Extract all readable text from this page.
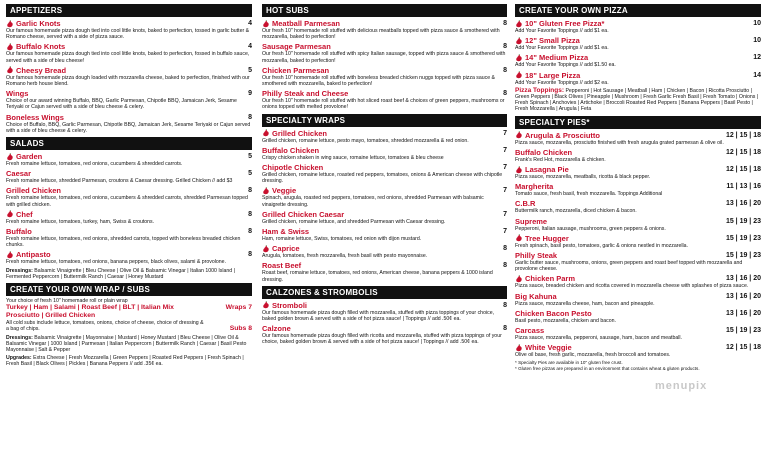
APPETIZERS
Garlic Knots	4
Our famous homemade pizza dough tied into cool little knots, baked to perfection, tossed in garlic butter & Romano cheese, served with a side of pizza sauce.
Buffalo Knots	4
Our famous homemade pizza dough tied into cool little knots, baked to perfection, fossed in buffalo sauce, served with a side of bleu cheese!
Cheesy Bread	5
Our famous homemade pizza dough loaded with mozzarella cheese, baked to perfection, finished with our Romano herb house blend.
Wings	9
Choice of our award winning Buffalo, BBQ, Garlic Parmesan, Chipotle BBQ, Jamaican Jerk, Sesame Teriyaki or Cajun served with a side of bleu cheese & celery.
Boneless Wings	8
Choice of Buffalo, BBQ, Garlic Parmesan, Chipotle BBQ, Jamaican Jerk, Sesame Teriyaki or Cajun served with a side of bleu cheese & celery.
SALADS
Garden	5
Fresh romaine lettuce, tomatoes, red onions, cucumbers & shredded carrots.
Caesar	5
Fresh romaine lettuce, shredded Parmesan, croutons & Caesar dressing. Grilled Chicken // add $3
Grilled Chicken	8
Fresh romaine lettuce, tomatoes, red onions, cucumbers & shredded carrots, shredded Parmesan topped with grilled chicken.
Chef	8
Fresh romaine lettuce, tomatoes, turkey, ham, Swiss & croutons.
Buffalo	8
Fresh romaine lettuce, tomatoes, red onions, shredded carrots, topped with boneless breaded chicken chunks.
Antipasto	8
Fresh romaine lettuce, tomatoes, red onions, banana peppers, black olives, salami & provolone.
Dressings: Balsamic Vinaigrette | Bleu Cheese | Olive Oil & Balsamic Vinegar | Italian 1000 Island | Fermented Peppercorn | Buttermilk Ranch | Caesar | Honey Mustard
CREATE YOUR OWN WRAP / SUBS
Your choice of fresh 10" homemade roll or plain wrap
Turkey | Ham | Salami | Roast Beef | BLT | Italian Mix	Wraps 7
Prosciutto | Grilled Chicken
All cold subs include lettuce, tomatoes, onions, choice of cheese, choice of dressing & a bag of chips.	Subs 8
Dressings: Balsamic Vinaigrette | Mayonnaise | Mustard | Honey Mustard | Bleu Cheese | Olive Oil & Balsamic Vinegar | 1000 Island | Parmesan | Italian Peppercorn | Buttermilk Ranch | Caesar | Basil Pesto Mayonnaise | Salt & Pepper
Upgrades: Extra Cheese | Fresh Mozzarella | Green Peppers | Roasted Red Peppers | Fresh Spinach | Fresh Basil | Black Olives | Pickles | Banana Peppers // add .35¢ ea.
HOT SUBS
Meatball Parmesan	8
Our fresh 10" homemade roll stuffed with delicious meatballs topped with pizza sauce & smothered with mozzarella, baked to perfection!
Sausage Parmesan	8
Our fresh 10" homemade roll stuffed with spicy Italian sausage, topped with pizza sauce & smothered with mozzarella, baked to perfection!
Chicken Parmesan	8
Our fresh 10" homemade roll stuffed with boneless breaded chicken nuggs topped with pizza sauce & smothered with mozzarella, baked to perfection!
Philly Steak and Cheese	8
Our fresh 10" homemade roll stuffed with hot sliced roast beef & choices of green peppers, mushrooms or onions topped with melted provolone!
SPECIALTY WRAPS
Grilled Chicken	7
Grilled chicken, romaine lettuce, pesto mayo, tomatoes, shredded mozzarella & red onion.
Buffalo Chicken	7
Crispy chicken shaken in wing sauce, romaine lettuce, tomatoes & bleu cheese
Chipotle Chicken	7
Grilled chicken, romaine lettuce, roasted red peppers, tomatoes, onions & American cheese with chipotle dressing.
Veggie	7
Spinach, arugula, roasted red peppers, tomatoes, red onions, shredded Parmesan with balsamic vinaigrette dressing.
Grilled Chicken Caesar	7
Grilled chicken, romaine lettuce, and shredded Parmesan with Caesar dressing.
Ham & Swiss	7
Ham, romaine lettuce, Swiss, tomatoes, red onion with dijon mustard.
Caprice	8
Arugula, tomatoes, fresh mozzarella, fresh basil with pesto mayonnaise.
Roast Beef	8
Roast beef, romaine lettuce, tomatoes, red onions, American cheese, banana peppers & 1000 island dressing.
CALZONES & STROMBOLIS
Stromboli	8
Our famous homemade pizza dough filled with mozzarella, stuffed with pizza toppings of your choice, baked golden brown & served with a side of hot pizza sauce! | Toppings // add .50¢ ea.
Calzone	8
Our famous homemade pizza dough filled with ricotta and mozzarella, stuffed with pizza toppings of your choice, baked golden brown & served with a side of hot pizza sauce! | Toppings // add .50¢ ea.
CREATE YOUR OWN PIZZA
10" Gluten Free Pizza*	10
Add Your Favorite Toppings // add $1 ea.
12" Small Pizza	10
Add Your Favorite Toppings // add $1 ea.
14" Medium Pizza	12
Add Your Favorite Toppings // add $1.50 ea.
18" Large Pizza	14
Add Your Favorite Toppings // add $2 ea.
Pizza Toppings: Pepperoni | Hot Sausage | Meatball | Ham | Chicken | Bacon | Ricotta Prosciutto | Green Peppers | Black Olives | Pineapple | Mushroom | Fresh Garlic Fresh Basil | Fresh Tomato | Onions | Fresh Spinach | Anchovies | Artichoke | Broccoli Roasted Red Peppers | Banana Peppers | Basil Pesto | Fresh Mozzarella | Arugula | Feta
SPECIALTY PIES*
Arugula & Prosciutto	12 | 15 | 18
Pizza sauce, mozzarella, prosciutto finished with fresh arugula grated parmesan & olive oil.
Buffalo Chicken	12 | 15 | 18
Frank's Red Hot, mozzarella & chicken.
Lasagna Pie	12 | 15 | 18
Pizza sauce, mozzarella, meatballs, ricotta & black pepper.
Margherita	11 | 13 | 16
Tomato sauce, fresh basil, fresh mozzarella. Toppings Additional
C.B.R	13 | 16 | 20
Buttermilk ranch, mozzarella, diced chicken & bacon.
Supreme	15 | 19 | 23
Pepperoni, Italian sausage, mushrooms, green peppers & onions.
Tree Hugger	15 | 19 | 23
Fresh spinach, basil pesto, tomatoes, garlic & onions nestled in mozzarella.
Philly Steak	15 | 19 | 23
Garlic butter sauce, mushrooms, onions, green peppers and roast beef topped with mozzarella and provolone cheese.
Chicken Parm	13 | 16 | 20
Pizza sauce, breaded chicken and ricotta covered in mozzarella cheese with splashes of pizza sauce.
Big Kahuna	13 | 16 | 20
Pizza sauce, mozzarella cheese, ham, bacon and pineapple.
Chicken Bacon Pesto	13 | 16 | 20
Basil pesto, mozzarella, chicken and bacon.
Carcass	15 | 19 | 23
Pizza sauce, mozzarella, pepperoni, sausage, ham, bacon and meatball.
White Veggie	12 | 15 | 18
Olive oil base, fresh garlic, mozzarella, fresh broccoli and tomatoes.
* Specialty Pies are available in 10" gluten free crust.
* Gluten free pizzas are prepared in an environment that contains wheat & gluten products.
menupix
